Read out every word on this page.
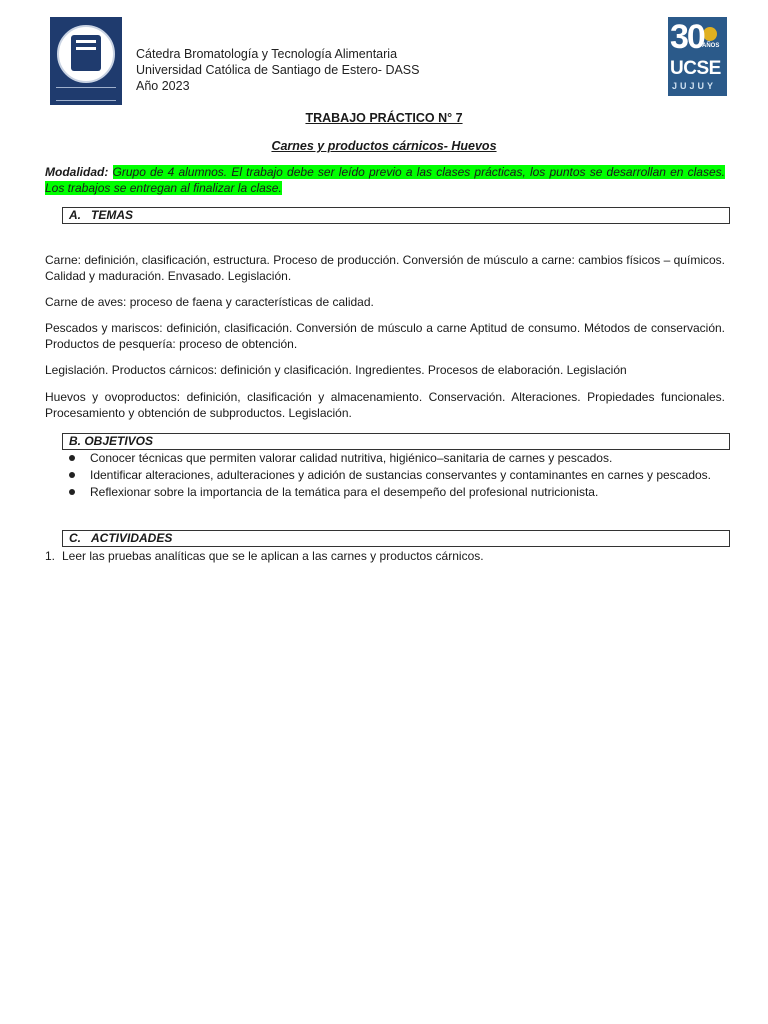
Cátedra Bromatología y Tecnología Alimentaria
Universidad Católica de Santiago de Estero- DASS
Año 2023
30
AÑOS
UCSE
JUJUY
TRABAJO PRÁCTICO N° 7
Carnes y productos cárnicos- Huevos
Modalidad: Grupo de 4 alumnos. El trabajo debe ser leído previo a las clases prácticas, los puntos se desarrollan en clases. Los trabajos se entregan al finalizar la clase.
A. TEMAS
Carne: definición, clasificación, estructura. Proceso de producción. Conversión de músculo a carne: cambios físicos – químicos. Calidad y maduración. Envasado. Legislación.
Carne de aves: proceso de faena y características de calidad.
Pescados y mariscos: definición, clasificación. Conversión de músculo a carne Aptitud de consumo. Métodos de conservación. Productos de pesquería: proceso de obtención.
Legislación. Productos cárnicos: definición y clasificación. Ingredientes. Procesos de elaboración. Legislación
Huevos y ovoproductos: definición, clasificación y almacenamiento. Conservación. Alteraciones. Propiedades funcionales. Procesamiento y obtención de subproductos. Legislación.
B. OBJETIVOS
Conocer técnicas que permiten valorar calidad nutritiva, higiénico–sanitaria de carnes y pescados.
Identificar alteraciones, adulteraciones y adición de sustancias conservantes y contaminantes en carnes y pescados.
Reflexionar sobre la importancia de la temática para el desempeño del profesional nutricionista.
C. ACTIVIDADES
1. Leer las pruebas analíticas que se le aplican a las carnes y productos cárnicos.
